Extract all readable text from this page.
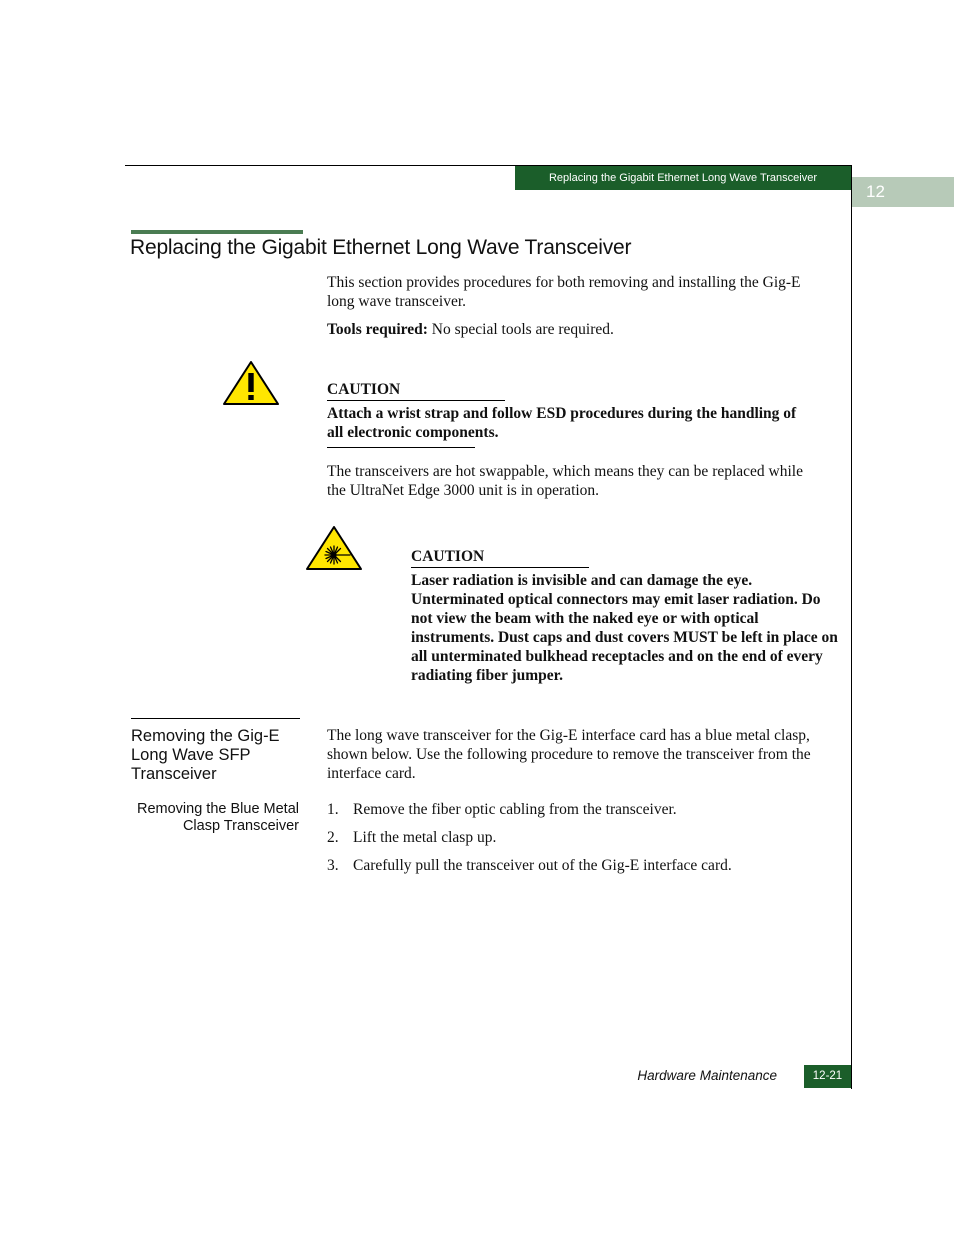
Replacing the Gigabit Ethernet Long Wave Transceiver
12
Replacing the Gigabit Ethernet Long Wave Transceiver

This section provides procedures for both removing and installing the Gig-E long wave transceiver.

Tools required: No special tools are required.

CAUTION
Attach a wrist strap and follow ESD procedures during the handling of all electronic components.

The transceivers are hot swappable, which means they can be replaced while the UltraNet Edge 3000 unit is in operation.

CAUTION
Laser radiation is invisible and can damage the eye. Unterminated optical connectors may emit laser radiation. Do not view the beam with the naked eye or with optical instruments. Dust caps and dust covers MUST be left in place on all unterminated bulkhead receptacles and on the end of every radiating fiber jumper.
Removing the Gig-E Long Wave SFP Transceiver
Removing the Blue Metal Clasp Transceiver

The long wave transceiver for the Gig-E interface card has a blue metal clasp, shown below. Use the following procedure to remove the transceiver from the interface card.

1. Remove the fiber optic cabling from the transceiver.
2. Lift the metal clasp up.
3. Carefully pull the transceiver out of the Gig-E interface card.
Hardware Maintenance	12-21
